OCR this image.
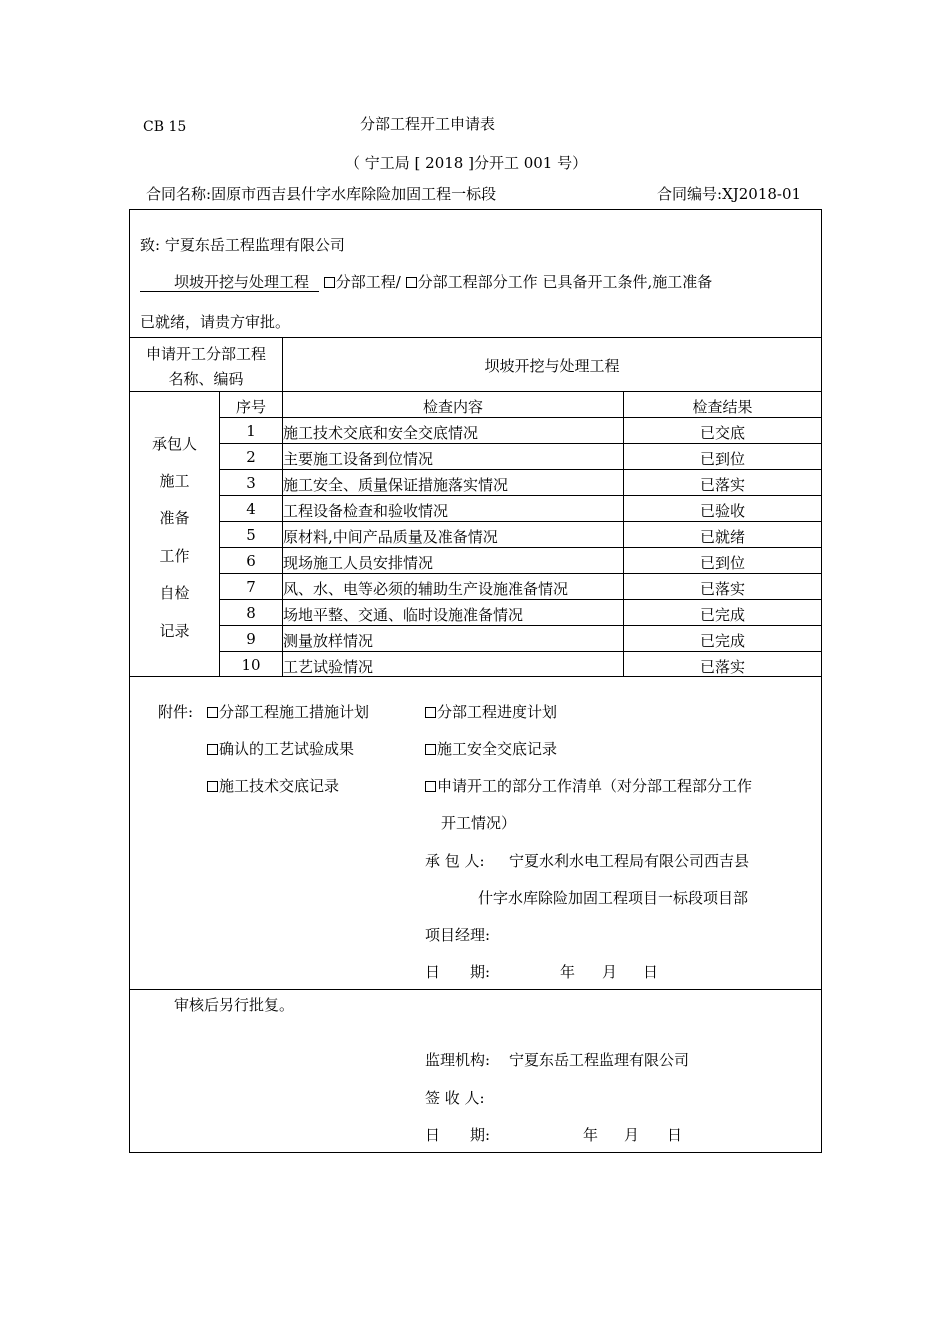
CB 15	分部工程开工申请表
（ 宁工局 [ 2018 ]分开工 001 号）
合同名称:固原市西吉县什字水库除险加固工程一标段	合同编号:XJ2018-01
致: 宁夏东岳工程监理有限公司
坝坡开挖与处理工程 分部工程/ 分部工程部分工作 已具备开工条件,施工准备
已就绪，请贵方审批。
申请开工分部工程
名称、编码
坝坡开挖与处理工程
承包人
施工
准备
工作
自检
记录
序号	检查内容	检查结果
1	施工技术交底和安全交底情况	已交底
2	主要施工设备到位情况	已到位
3	施工安全、质量保证措施落实情况	已落实
4	工程设备检查和验收情况	已验收
5	原材料,中间产品质量及准备情况	已就绪
6	现场施工人员安排情况	已到位
7	风、水、电等必须的辅助生产设施准备情况	已落实
8	场地平整、交通、临时设施准备情况	已完成
9	测量放样情况	已完成
10	工艺试验情况	已落实
附件:	分部工程施工措施计划	分部工程进度计划
确认的工艺试验成果	施工安全交底记录
施工技术交底记录	申请开工的部分工作清单（对分部工程部分工作
开工情况）
承 包 人: 宁夏水利水电工程局有限公司西吉县
什字水库除险加固工程项目一标段项目部
项目经理:
日　　期:	年 月 日
审核后另行批复。
监理机构: 宁夏东岳工程监理有限公司
签 收 人:
日　　期:	年 月 日
